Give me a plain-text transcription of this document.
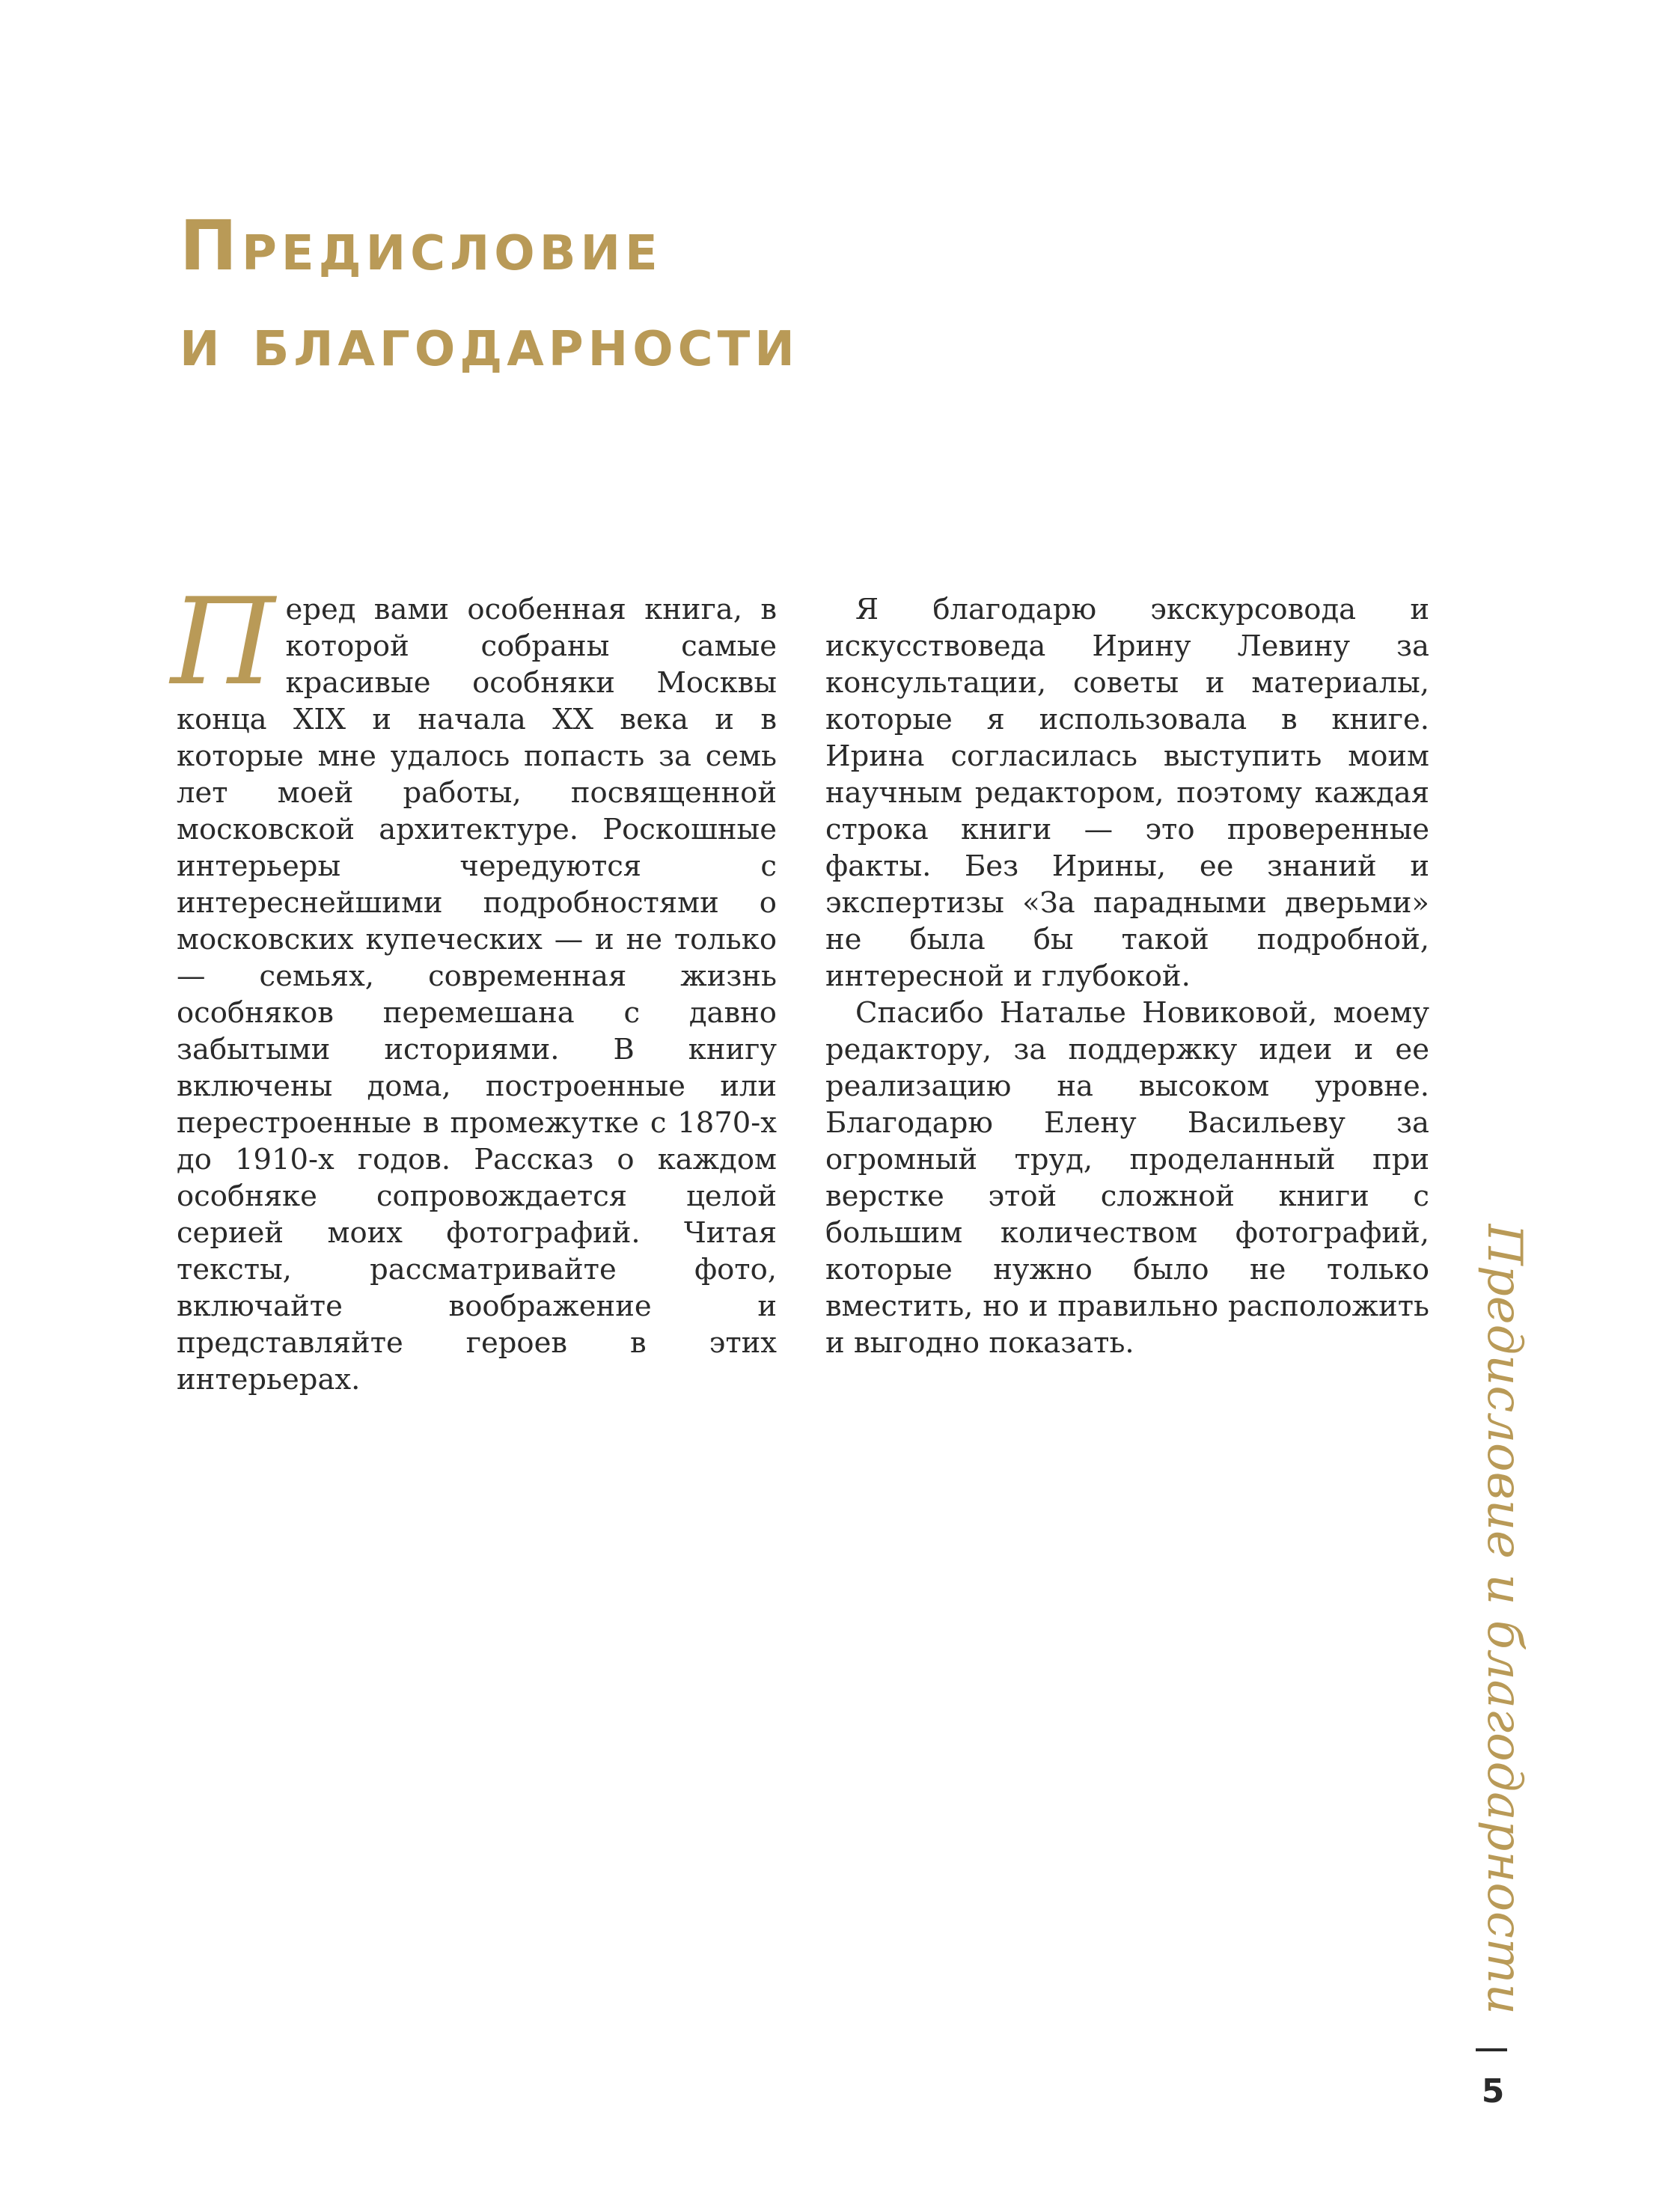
Предисловие
и благодарности

Перед вами особенная книга, в которой собраны самые красивые особняки Москвы конца XIX и начала XX века и в которые мне удалось попасть за семь лет моей работы, посвященной московской архитектуре. Роскошные интерьеры чередуются с интереснейшими подробностями о московских купеческих — и не только — семьях, современная жизнь особняков перемешана с давно забытыми историями. В книгу включены дома, построенные или перестроенные в промежутке с 1870-х до 1910-х годов. Рассказ о каждом особняке сопровождается целой серией моих фотографий. Читая тексты, рассматривайте фото, включайте воображение и представляйте героев в этих интерьерах.

Я благодарю экскурсовода и искусствоведа Ирину Левину за консультации, советы и материалы, которые я использовала в книге. Ирина согласилась выступить моим научным редактором, поэтому каждая строка книги — это проверенные факты. Без Ирины, ее знаний и экспертизы «За парадными дверьми» не была бы такой подробной, интересной и глубокой.

Спасибо Наталье Новиковой, моему редактору, за поддержку идеи и ее реализацию на высоком уровне. Благодарю Елену Васильеву за огромный труд, проделанный при верстке этой сложной книги с большим количеством фотографий, которые нужно было не только вместить, но и правильно расположить и выгодно показать.	Предисловие и благодарности
5
